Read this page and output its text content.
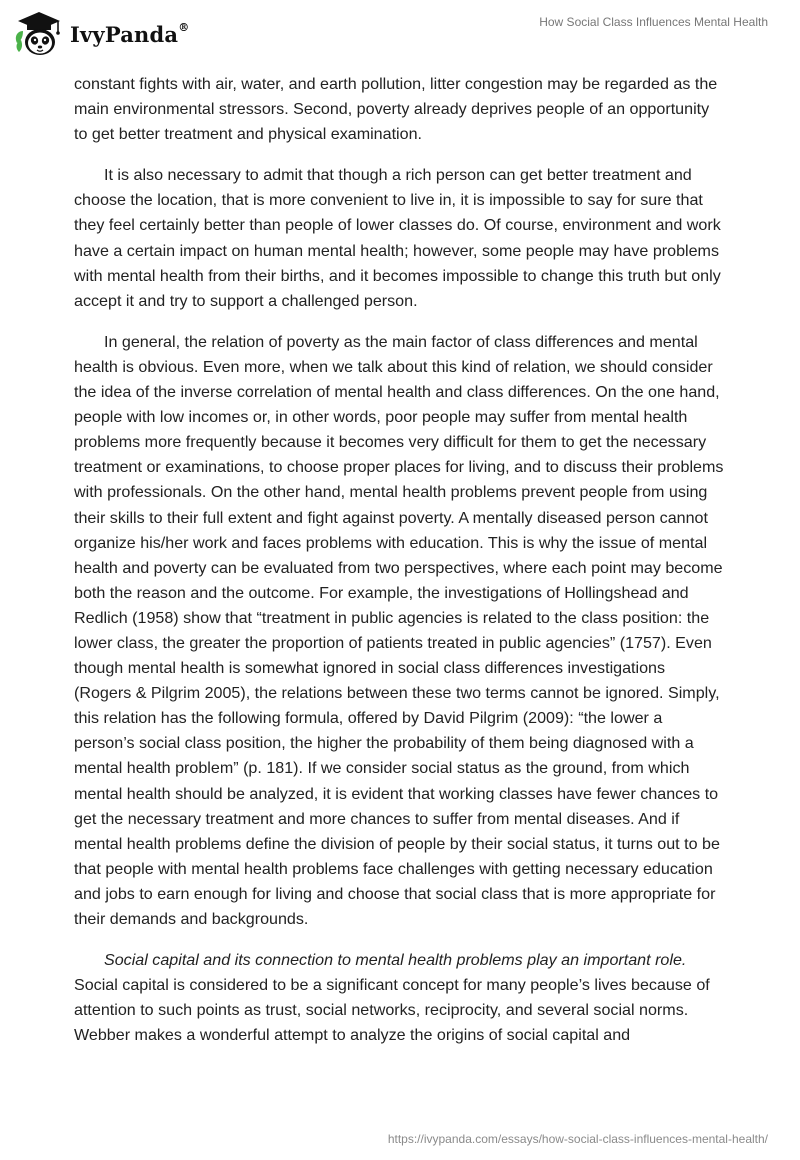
IvyPanda®	How Social Class Influences Mental Health

constant fights with air, water, and earth pollution, litter congestion may be regarded as the main environmental stressors. Second, poverty already deprives people of an opportunity to get better treatment and physical examination.

It is also necessary to admit that though a rich person can get better treatment and choose the location, that is more convenient to live in, it is impossible to say for sure that they feel certainly better than people of lower classes do. Of course, environment and work have a certain impact on human mental health; however, some people may have problems with mental health from their births, and it becomes impossible to change this truth but only accept it and try to support a challenged person.

In general, the relation of poverty as the main factor of class differences and mental health is obvious. Even more, when we talk about this kind of relation, we should consider the idea of the inverse correlation of mental health and class differences. On the one hand, people with low incomes or, in other words, poor people may suffer from mental health problems more frequently because it becomes very difficult for them to get the necessary treatment or examinations, to choose proper places for living, and to discuss their problems with professionals. On the other hand, mental health problems prevent people from using their skills to their full extent and fight against poverty. A mentally diseased person cannot organize his/her work and faces problems with education. This is why the issue of mental health and poverty can be evaluated from two perspectives, where each point may become both the reason and the outcome. For example, the investigations of Hollingshead and Redlich (1958) show that “treatment in public agencies is related to the class position: the lower class, the greater the proportion of patients treated in public agencies” (1757). Even though mental health is somewhat ignored in social class differences investigations (Rogers & Pilgrim 2005), the relations between these two terms cannot be ignored. Simply, this relation has the following formula, offered by David Pilgrim (2009): “the lower a person’s social class position, the higher the probability of them being diagnosed with a mental health problem” (p. 181). If we consider social status as the ground, from which mental health should be analyzed, it is evident that working classes have fewer chances to get the necessary treatment and more chances to suffer from mental diseases. And if mental health problems define the division of people by their social status, it turns out to be that people with mental health problems face challenges with getting necessary education and jobs to earn enough for living and choose that social class that is more appropriate for their demands and backgrounds.

Social capital and its connection to mental health problems play an important role. Social capital is considered to be a significant concept for many people’s lives because of attention to such points as trust, social networks, reciprocity, and several social norms. Webber makes a wonderful attempt to analyze the origins of social capital and

https://ivypanda.com/essays/how-social-class-influences-mental-health/
